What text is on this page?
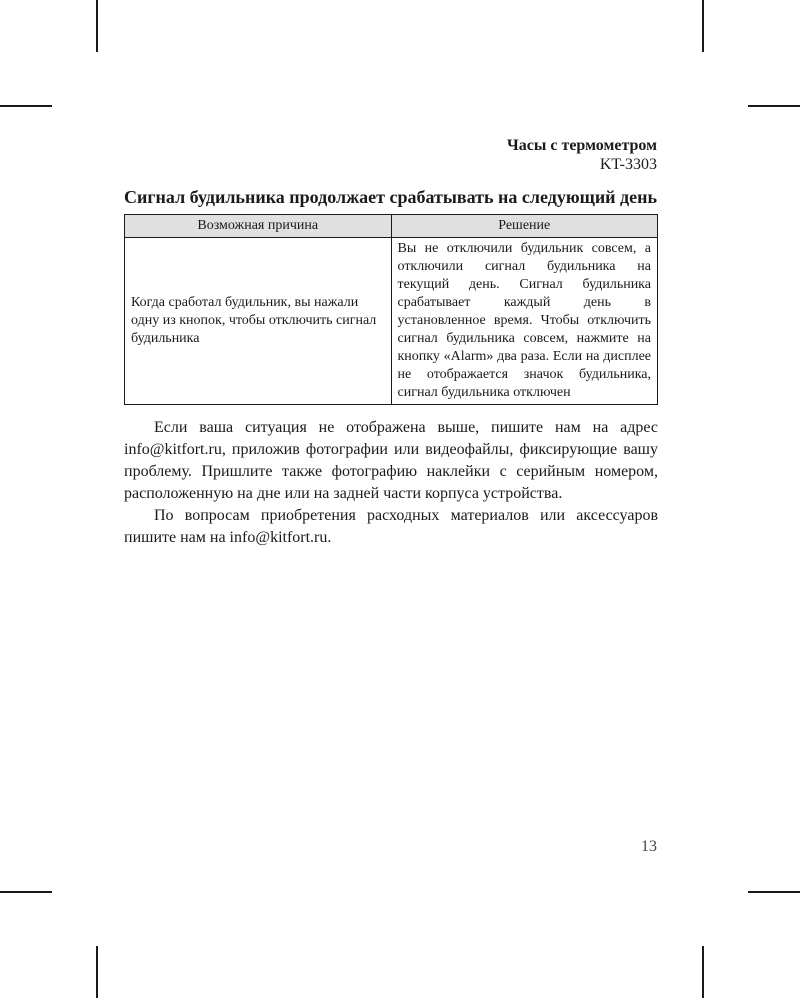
Часы с термометром
KT-3303
Сигнал будильника продолжает срабатывать на следующий день
Возможная причина	Решение
Когда сработал будильник, вы нажали одну из кнопок, чтобы отключить сигнал будильника	Вы не отключили будильник совсем, а отключили сигнал будильника на текущий день. Сигнал будильника срабатывает каждый день в установленное время. Чтобы отключить сигнал будильника совсем, нажмите на кнопку «Alarm» два раза. Если на дисплее не отображается значок будильника, сигнал будильника отключен

Если ваша ситуация не отображена выше, пишите нам на адрес info@kitfort.ru, приложив фотографии или видеофайлы, фиксирующие вашу проблему. Пришлите также фотографию наклейки с серийным номером, расположенную на дне или на задней части корпуса устройства.

По вопросам приобретения расходных материалов или аксессуаров пишите нам на info@kitfort.ru.

13
